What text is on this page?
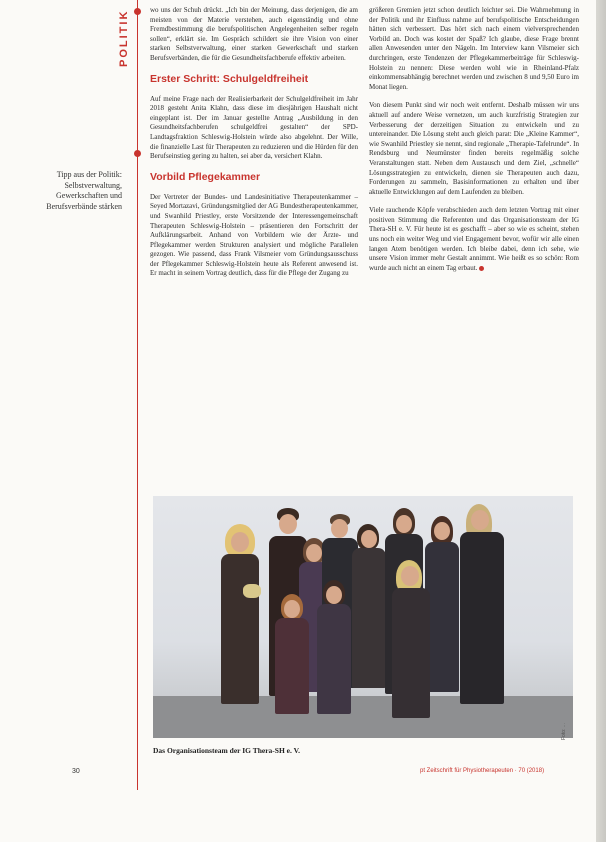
POLITIK
Tipp aus der Politik: Selbstverwaltung, Gewerkschaften und Berufsverbände stärken

wo uns der Schuh drückt. „Ich bin der Meinung, dass derjenigen, die am meisten von der Materie verstehen, auch eigenständig und ohne Fremdbestimmung die berufspolitischen Angelegenheiten selber regeln sollen“, erklärt sie. Im Gespräch schildert sie ihre Vision von einer starken Selbstverwaltung, einer starken Gewerkschaft und starken Berufsverbänden, die für die Gesundheitsfachberufe effektiv arbeiten.

Erster Schritt: Schulgeldfreiheit

Auf meine Frage nach der Realisierbarkeit der Schulgeldfreiheit im Jahr 2018 gesteht Anita Klahn, dass diese im diesjährigen Haushalt nicht eingeplant ist. Der im Januar gestellte Antrag „Ausbildung in den Gesundheitsfachberufen schulgeldfrei gestalten“ der SPD-Landtagsfraktion Schleswig-Holstein würde also abgelehnt. Der Wille, die finanzielle Last für Therapeuten zu reduzieren und die Hürden für den Berufseinstieg gering zu halten, sei aber da, versichert Klahn.

Vorbild Pflegekammer

Der Vertreter der Bundes- und Landesinitiative Therapeutenkammer – Seyed Mortazavi, Gründungsmitglied der AG Bundestherapeutenkammer, und Swanhild Priestley, erste Vorsitzende der Interessengemeinschaft Therapeuten Schleswig-Holstein – präsentieren den Fortschritt der Aufklärungsarbeit. Anhand von Vorbildern wie der Ärzte- und Pflegekammer werden Strukturen analysiert und mögliche Parallelen gezogen. Wie passend, dass Frank Vilsmeier vom Gründungsausschuss der Pflegekammer Schleswig-Holstein heute als Referent anwesend ist. Er macht in seinem Vortrag deutlich, dass für die Pflege der Zugang zu

größeren Gremien jetzt schon deutlich leichter sei. Die Wahrnehmung in der Politik und ihr Einfluss nahme auf berufspolitische Entscheidungen hätten sich verbessert. Das hört sich nach einem vielversprechenden Vorbild an. Doch was kostet der Spaß? Ich glaube, diese Frage brennt allen Anwesenden unter den Nägeln. Im Interview kann Vilsmeier sich durchringen, erste Tendenzen der Pflegekammerbeiträge für Schleswig-Holstein zu nennen: Diese werden wohl wie in Rheinland-Pfalz einkommensabhängig berechnet werden und zwischen 8 und 9,50 Euro im Monat liegen.

Von diesem Punkt sind wir noch weit entfernt. Deshalb müssen wir uns aktuell auf andere Weise vernetzen, um auch kurzfristig Strategien zur Verbesserung der derzeitigen Situation zu entwickeln und zu untereinander. Die Lösung steht auch gleich parat: Die „Kleine Kammer“, wie Swanhild Priestley sie nennt, sind regionale „Therapie-Tafelrunde“. In Rendsburg und Neumünster finden bereits regelmäßig solche Veranstaltungen statt. Neben dem Austausch und dem Ziel, „schnelle“ Lösungsstrategien zu entwickeln, dienen sie Therapeuten auch dazu, Forderungen zu sammeln, Basisinformationen zu erhalten und über aktuelle Entwicklungen auf dem Laufenden zu bleiben.

Viele rauchende Köpfe verabschieden auch dem letzten Vortrag mit einer positiven Stimmung die Referenten und das Organisationsteam der IG Thera-SH e. V. Für heute ist es geschafft – aber so wie es scheint, stehen uns noch ein weiter Weg und viel Engagement bevor, wofür wir alle einen langen Atem benötigen werden. Ich bleibe dabei, denn ich sehe, wie unsere Vision immer mehr Gestalt annimmt. Wie heißt es so schön: Rom wurde auch nicht an einem Tag erbaut.

Foto: ...
Das Organisationsteam der IG Thera-SH e. V.
30	pt Zeitschrift für Physiotherapeuten · 70 (2018)
